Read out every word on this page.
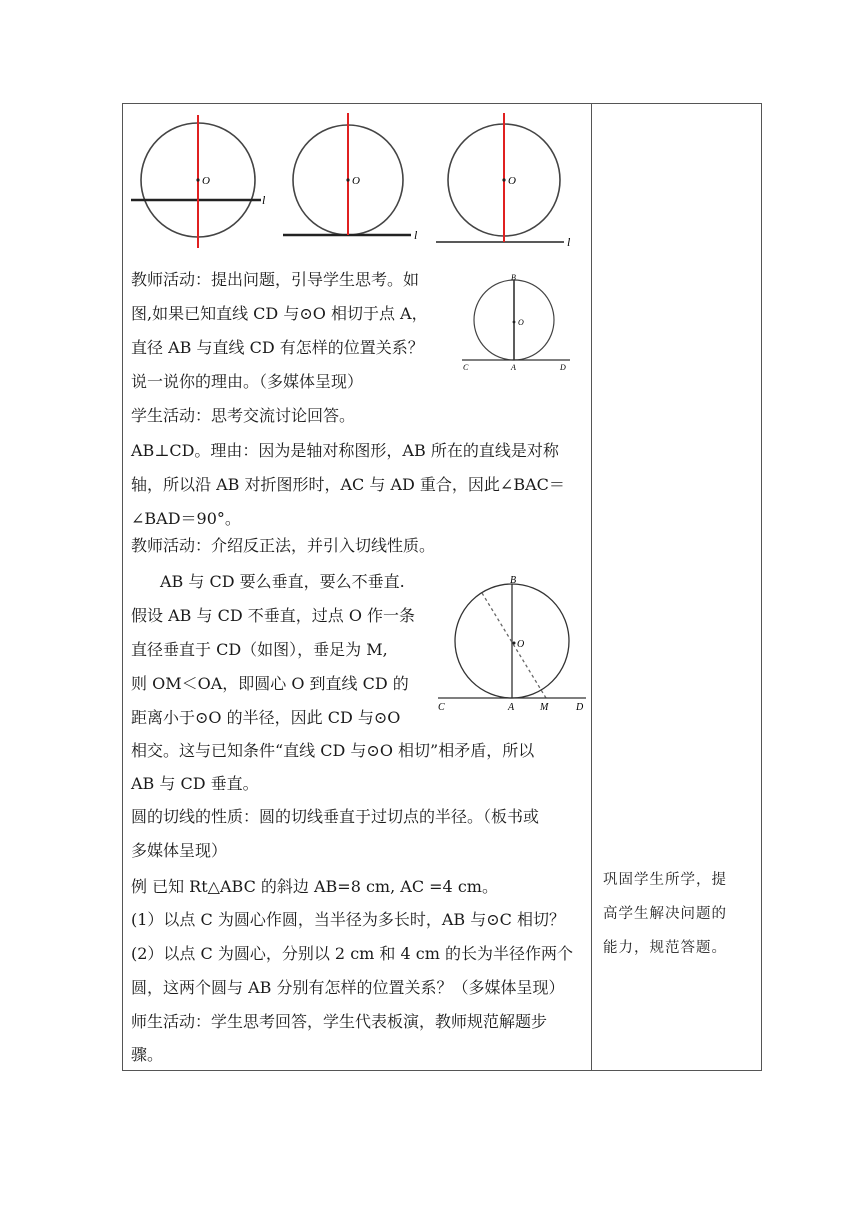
O
l
O
l
O
l
B
O
C	A	D
B
O
C	A	M	D
教师活动：提出问题，引导学生思考。如
图,如果已知直线 CD 与⊙O 相切于点 A，
直径 AB 与直线 CD 有怎样的位置关系？
说一说你的理由。（多媒体呈现）
学生活动：思考交流讨论回答。
AB⊥CD。理由：因为是轴对称图形，AB 所在的直线是对称
轴，所以沿 AB 对折图形时，AC 与 AD 重合，因此∠BAC＝
∠BAD＝90°。
教师活动：介绍反正法，并引入切线性质。
AB 与 CD 要么垂直，要么不垂直.
假设 AB 与 CD 不垂直，过点 O 作一条
直径垂直于 CD（如图），垂足为 M,
则 OM＜OA，即圆心 O 到直线 CD 的
距离小于⊙O 的半径，因此 CD 与⊙O
相交。这与已知条件“直线 CD 与⊙O 相切”相矛盾，所以
AB 与 CD 垂直。
圆的切线的性质：圆的切线垂直于过切点的半径。（板书或
多媒体呈现）
例 已知 Rt△ABC 的斜边 AB=8 cm, AC =4 cm。
(1）以点 C 为圆心作圆，当半径为多长时，AB 与⊙C 相切？
(2）以点 C 为圆心，分别以 2 cm 和 4 cm 的长为半径作两个
圆，这两个圆与 AB 分别有怎样的位置关系？（多媒体呈现）
师生活动：学生思考回答，学生代表板演，教师规范解题步
骤。
巩固学生所学，提
高学生解决问题的
能力，规范答题。
